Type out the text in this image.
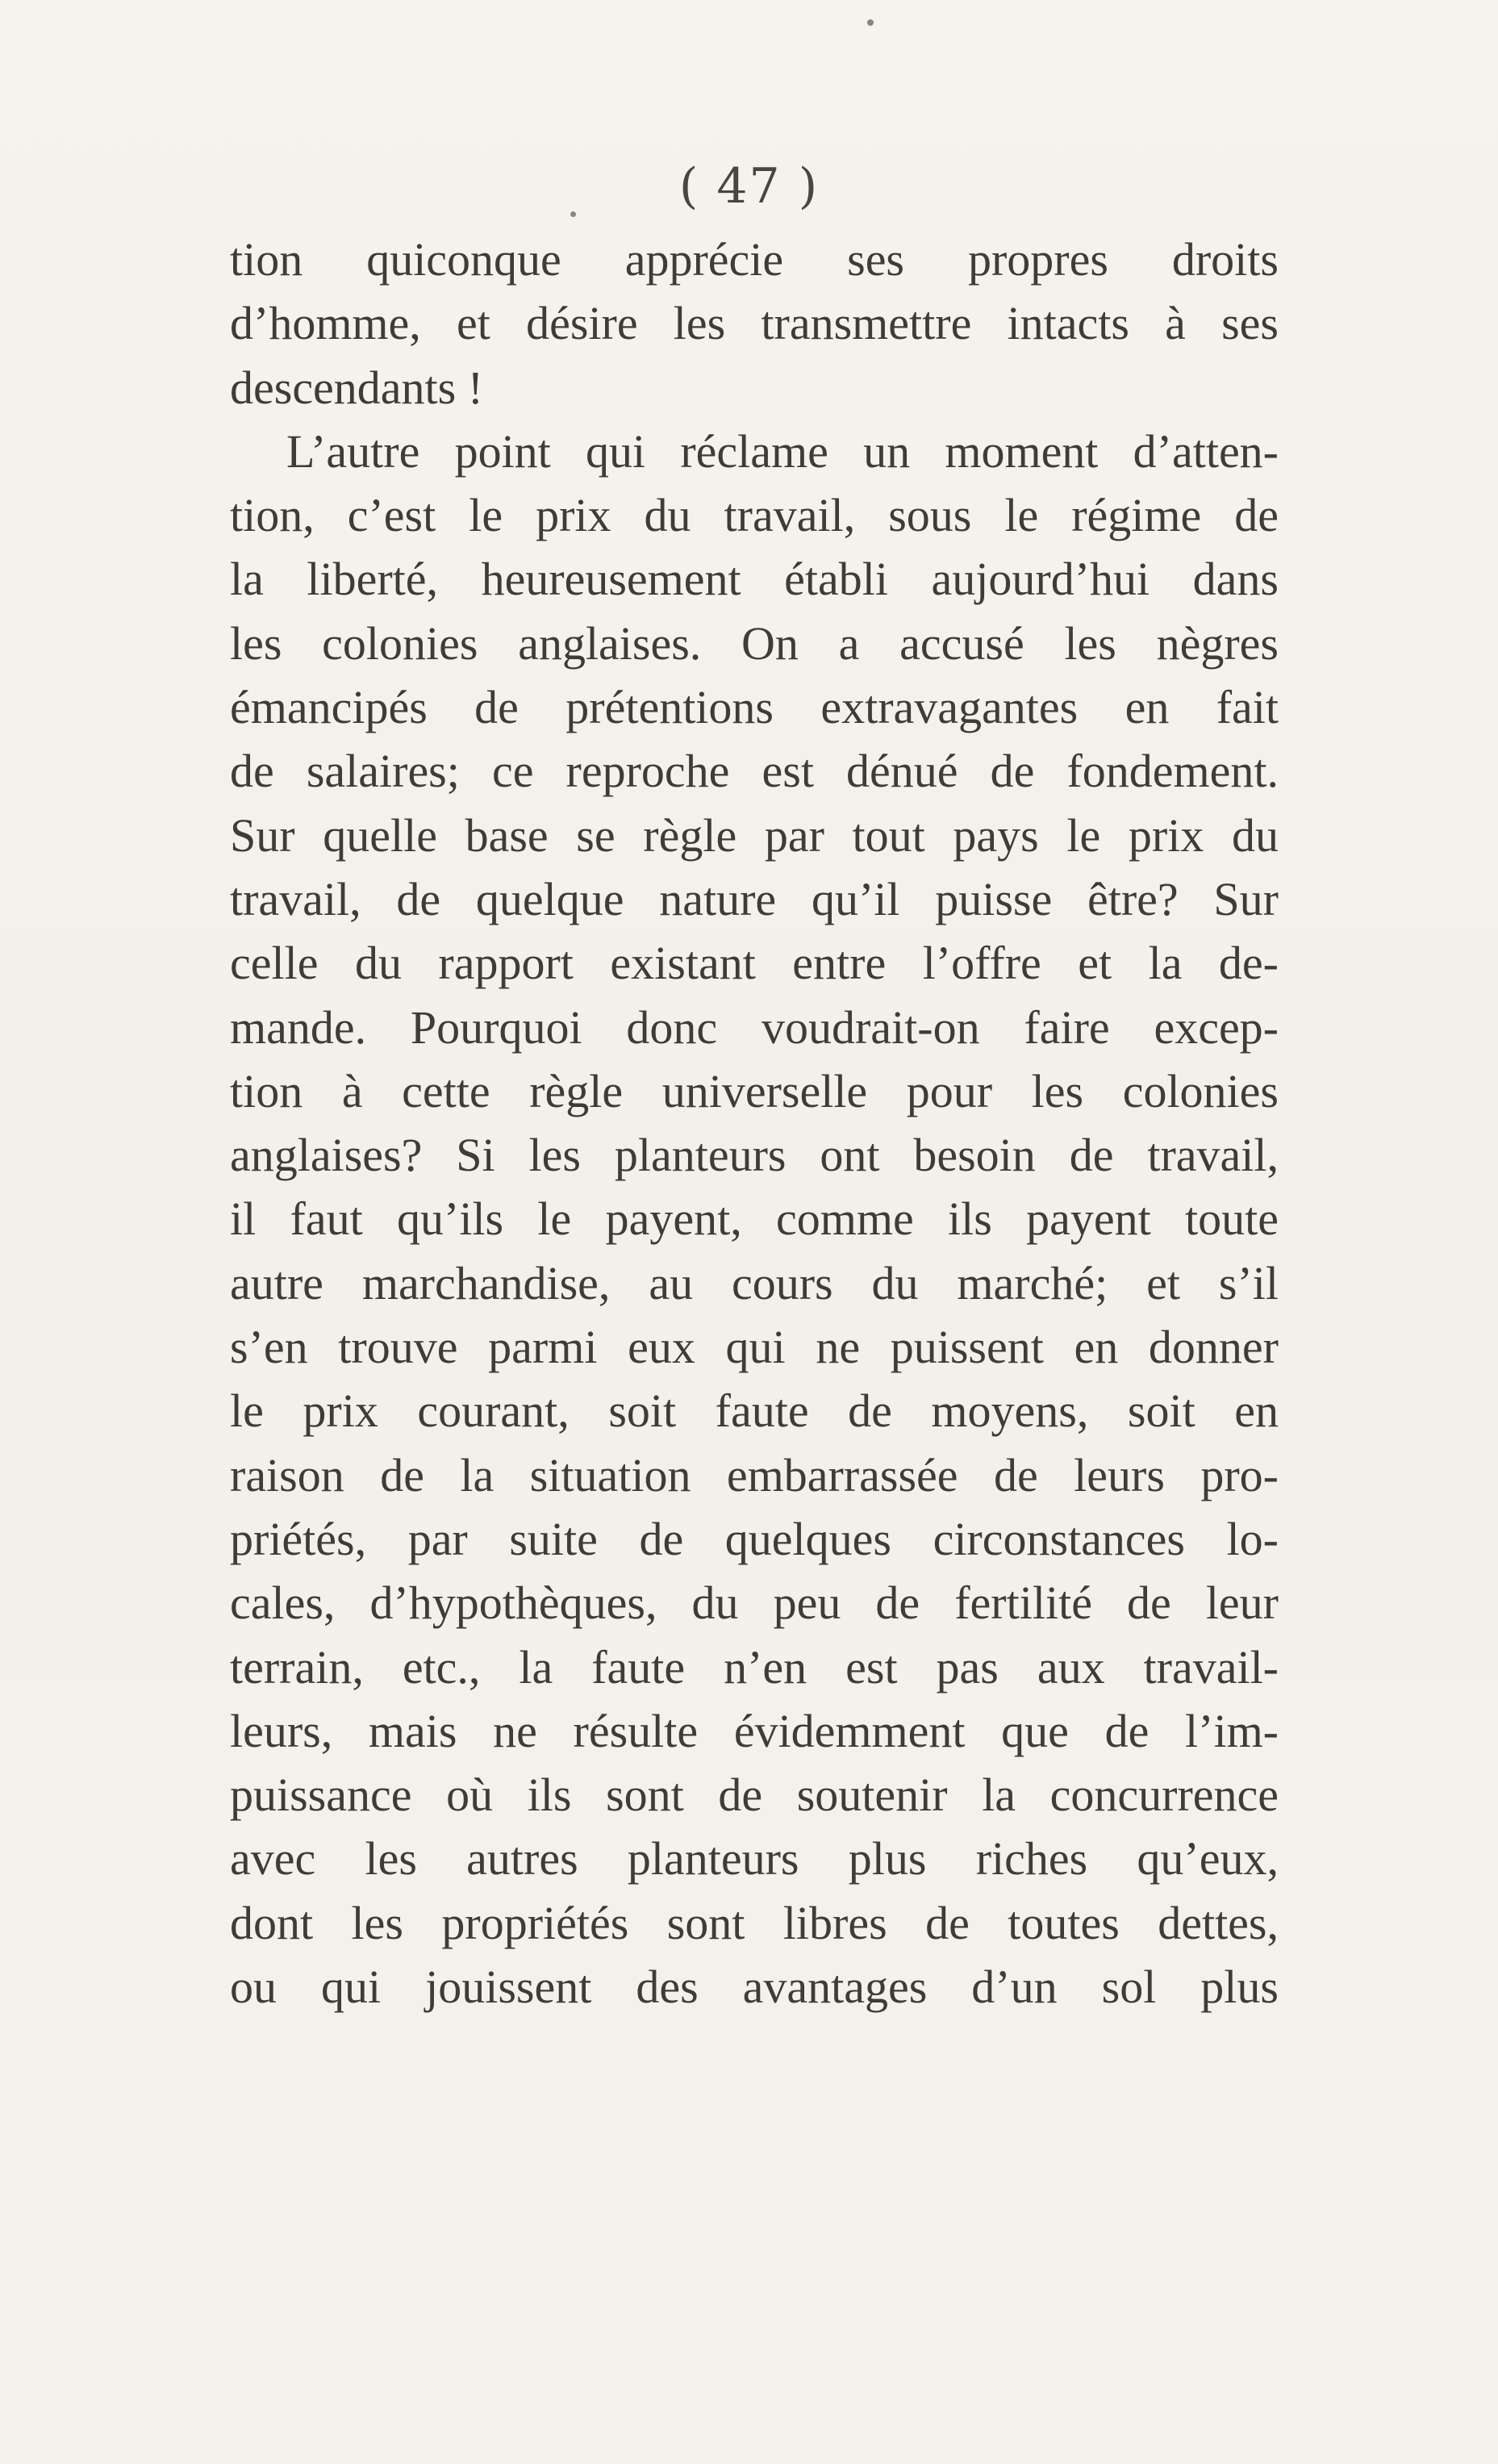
( 47 )
tion quiconque apprécie ses propres droits
d’homme, et désire les transmettre intacts à ses
descendants !
L’autre point qui réclame un moment d’atten-
tion, c’est le prix du travail, sous le régime de
la liberté, heureusement établi aujourd’hui dans
les colonies anglaises. On a accusé les nègres
émancipés de prétentions extravagantes en fait
de salaires; ce reproche est dénué de fondement.
Sur quelle base se règle par tout pays le prix du
travail, de quelque nature qu’il puisse être? Sur
celle du rapport existant entre l’offre et la de-
mande. Pourquoi donc voudrait-on faire excep-
tion à cette règle universelle pour les colonies
anglaises? Si les planteurs ont besoin de travail,
il faut qu’ils le payent, comme ils payent toute
autre marchandise, au cours du marché; et s’il
s’en trouve parmi eux qui ne puissent en donner
le prix courant, soit faute de moyens, soit en
raison de la situation embarrassée de leurs pro-
priétés, par suite de quelques circonstances lo-
cales, d’hypothèques, du peu de fertilité de leur
terrain, etc., la faute n’en est pas aux travail-
leurs, mais ne résulte évidemment que de l’im-
puissance où ils sont de soutenir la concurrence
avec les autres planteurs plus riches qu’eux,
dont les propriétés sont libres de toutes dettes,
ou qui jouissent des avantages d’un sol plus
